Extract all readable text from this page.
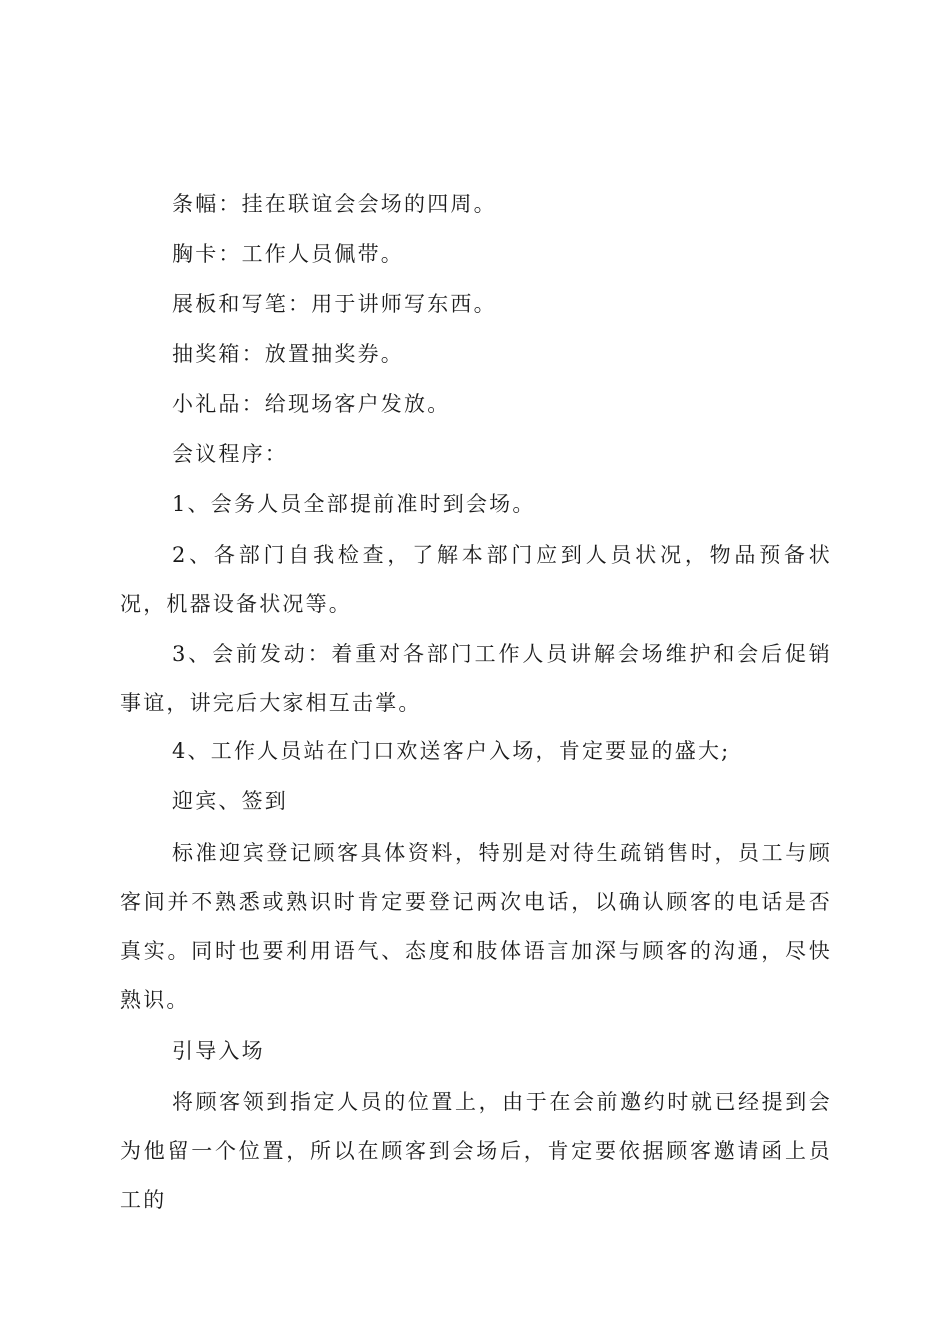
条幅：挂在联谊会会场的四周。

胸卡：工作人员佩带。

展板和写笔：用于讲师写东西。

抽奖箱：放置抽奖券。

小礼品：给现场客户发放。

会议程序：

1、会务人员全部提前准时到会场。

2、各部门自我检查，了解本部门应到人员状况，物品预备状况，机器设备状况等。

3、会前发动：着重对各部门工作人员讲解会场维护和会后促销事谊，讲完后大家相互击掌。

4、工作人员站在门口欢送客户入场，肯定要显的盛大;

迎宾、签到

标准迎宾登记顾客具体资料，特别是对待生疏销售时，员工与顾客间并不熟悉或熟识时肯定要登记两次电话，以确认顾客的电话是否真实。同时也要利用语气、态度和肢体语言加深与顾客的沟通，尽快熟识。

引导入场

将顾客领到指定人员的位置上，由于在会前邀约时就已经提到会为他留一个位置，所以在顾客到会场后，肯定要依据顾客邀请函上员工的
